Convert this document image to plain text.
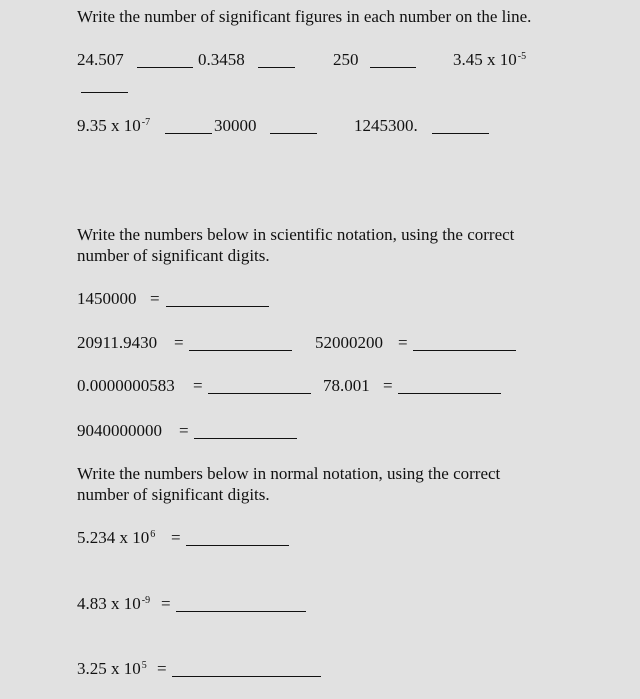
Write the number of significant figures in each number on the line.
24.507	0.3458	250	3.45 x $10^{-5}$
9.35 x $10^{-7}$	30000	1245300.
Write the numbers below in scientific notation, using the correct
number of significant digits.
1450000 =
20911.9430 =	52000200 =
0.0000000583 =	78.001 =
9040000000 =
Write the numbers below in normal notation, using the correct
number of significant digits.
5.234 x $10^6$ =
4.83 x $10^{-9}$ =
3.25 x $10^5$ =
